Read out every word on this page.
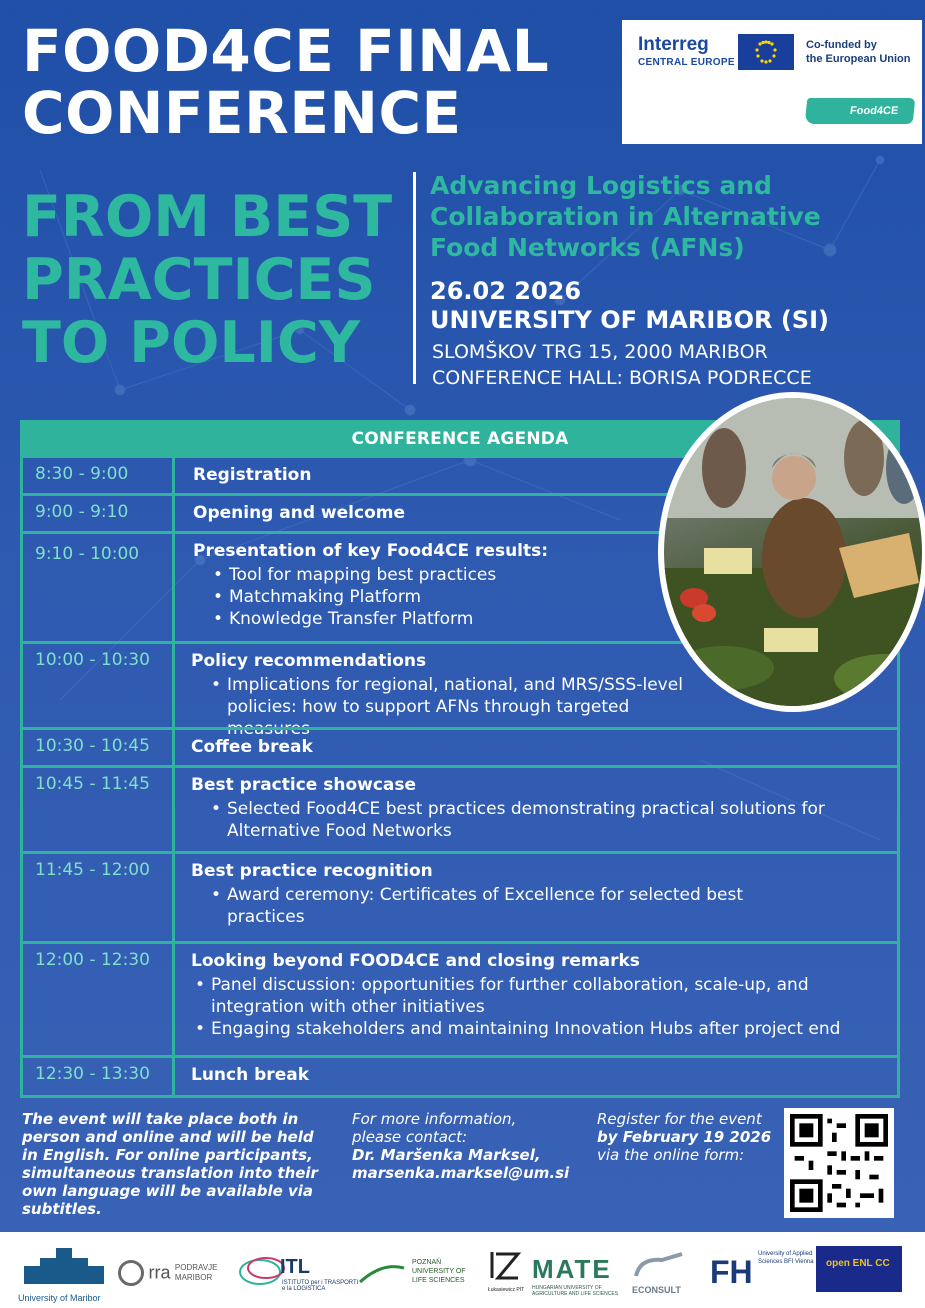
FOOD4CE FINAL
CONFERENCE
Interreg
CENTRAL EUROPE
Co-funded by
the European Union
Food4CE
FROM BEST
PRACTICES
TO POLICY
Advancing Logistics and
Collaboration in Alternative
Food Networks (AFNs)
26.02 2026
UNIVERSITY OF MARIBOR (SI)
SLOMŠKOV TRG 15, 2000 MARIBOR
CONFERENCE HALL: BORISA PODRECCE
CONFERENCE AGENDA
8:30 - 9:00	Registration
9:00 - 9:10	Opening and welcome
9:10 - 10:00	Presentation of key Food4CE results:
• Tool for mapping best practices
• Matchmaking Platform
• Knowledge Transfer Platform
10:00 - 10:30	Policy recommendations
• Implications for regional, national, and MRS/SSS-level policies: how to support AFNs through targeted measures
10:30 - 10:45	Coffee break
10:45 - 11:45	Best practice showcase
• Selected Food4CE best practices demonstrating practical solutions for Alternative Food Networks
11:45 - 12:00	Best practice recognition
• Award ceremony: Certificates of Excellence for selected best practices
12:00 - 12:30	Looking beyond FOOD4CE and closing remarks
• Panel discussion: opportunities for further collaboration, scale-up, and integration with other initiatives
• Engaging stakeholders and maintaining Innovation Hubs after project end
12:30 - 13:30	Lunch break
The event will take place both in person and online and will be held in English. For online participants, simultaneous translation into their own language will be available via subtitles.
For more information,
please contact:
Dr. Maršenka Marksel,
marsenka.marksel@um.si
Register for the event
by February 19 2026
via the online form:
University of Maribor
rra PODRAVJE
MARIBOR	ITL
ISTITUTO per i TRASPORTI e la LOGISTICA
POZNAŃ UNIVERSITY OF LIFE SCIENCES
Łukasiewicz PIT
MATE
HUNGARIAN UNIVERSITY OF AGRICULTURE AND LIFE SCIENCES	ECONSULT FH University of Applied Sciences BFI Vienna	open ENL CC
